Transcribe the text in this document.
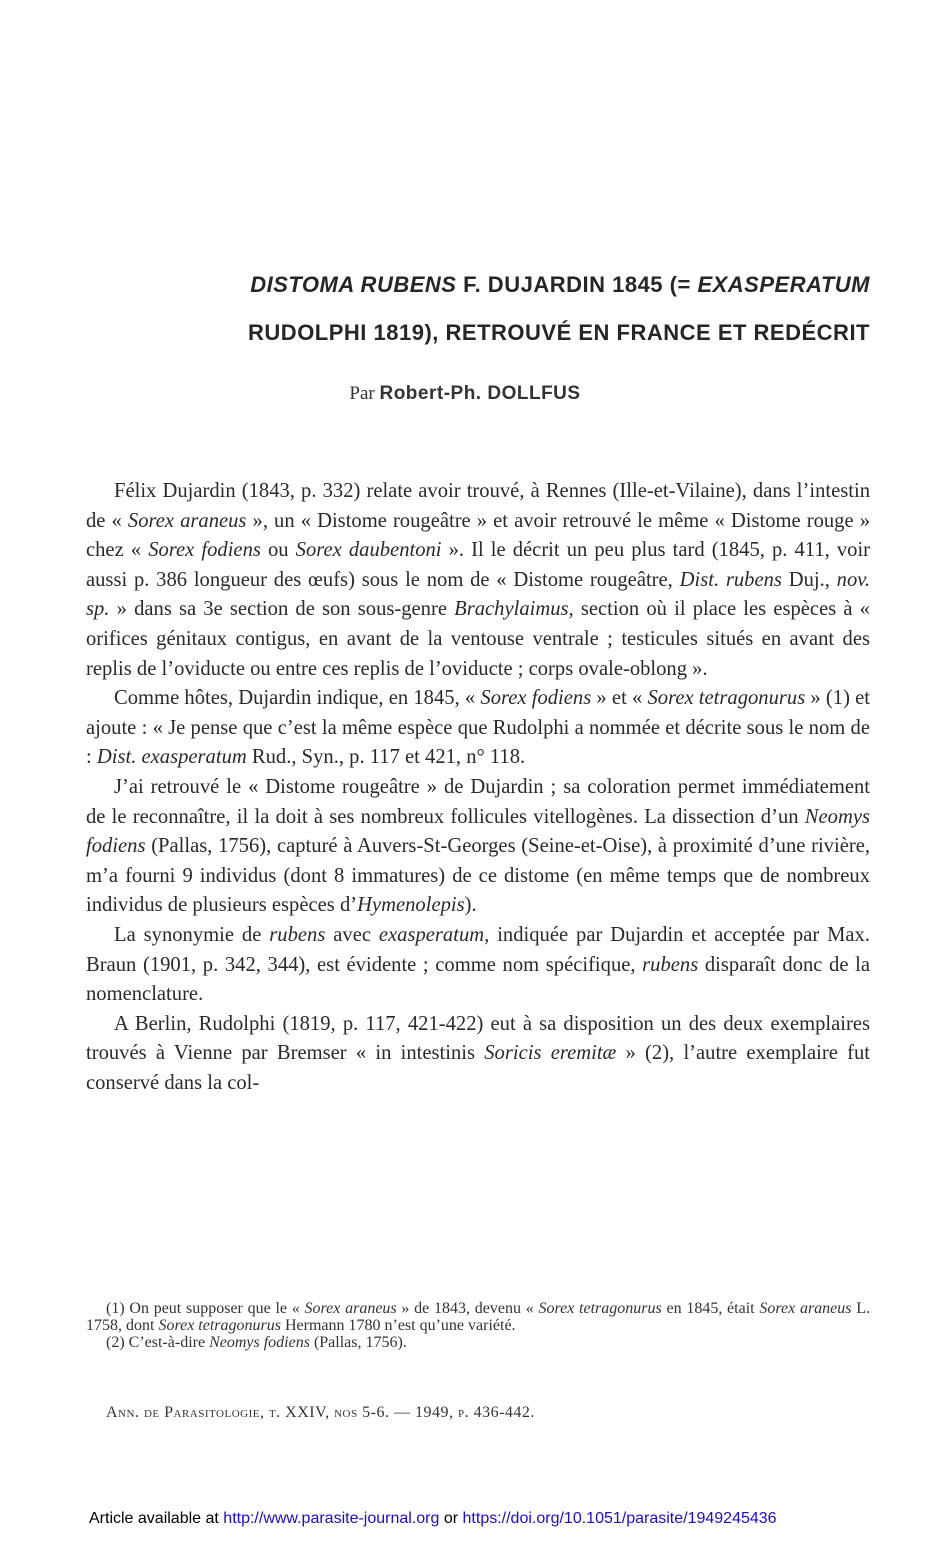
DISTOMA RUBENS F. DUJARDIN 1845 (= EXASPERATUM
RUDOLPHI 1819), RETROUVÉ EN FRANCE ET REDÉCRIT
Par Robert-Ph. DOLLFUS

Félix Dujardin (1843, p. 332) relate avoir trouvé, à Rennes (Ille-et-Vilaine), dans l’intestin de « Sorex araneus », un « Distome rougeâtre » et avoir retrouvé le même « Distome rouge » chez « Sorex fodiens ou Sorex daubentoni ». Il le décrit un peu plus tard (1845, p. 411, voir aussi p. 386 longueur des œufs) sous le nom de « Distome rougeâtre, Dist. rubens Duj., nov. sp. » dans sa 3e section de son sous-genre Brachylaimus, section où il place les espèces à « orifices génitaux contigus, en avant de la ventouse ventrale ; testicules situés en avant des replis de l’oviducte ou entre ces replis de l’oviducte ; corps ovale-oblong ».

Comme hôtes, Dujardin indique, en 1845, « Sorex fodiens » et « Sorex tetragonurus » (1) et ajoute : « Je pense que c’est la même espèce que Rudolphi a nommée et décrite sous le nom de : Dist. exasperatum Rud., Syn., p. 117 et 421, n° 118.

J’ai retrouvé le « Distome rougeâtre » de Dujardin ; sa coloration permet immédiatement de le reconnaître, il la doit à ses nombreux follicules vitellogènes. La dissection d’un Neomys fodiens (Pallas, 1756), capturé à Auvers-St-Georges (Seine-et-Oise), à proximité d’une rivière, m’a fourni 9 individus (dont 8 immatures) de ce distome (en même temps que de nombreux individus de plusieurs espèces d’Hymenolepis).

La synonymie de rubens avec exasperatum, indiquée par Dujardin et acceptée par Max. Braun (1901, p. 342, 344), est évidente ; comme nom spécifique, rubens disparaît donc de la nomenclature.

A Berlin, Rudolphi (1819, p. 117, 421-422) eut à sa disposition un des deux exemplaires trouvés à Vienne par Bremser « in intestinis Soricis eremitæ » (2), l’autre exemplaire fut conservé dans la col-

(1) On peut supposer que le « Sorex araneus » de 1843, devenu « Sorex tetragonurus en 1845, était Sorex araneus L. 1758, dont Sorex tetragonurus Hermann 1780 n’est qu’une variété.

(2) C’est-à-dire Neomys fodiens (Pallas, 1756).

Ann. de Parasitologie, t. XXIV, nos 5-6. — 1949, p. 436-442.
Article available at http://www.parasite-journal.org or https://doi.org/10.1051/parasite/1949245436
